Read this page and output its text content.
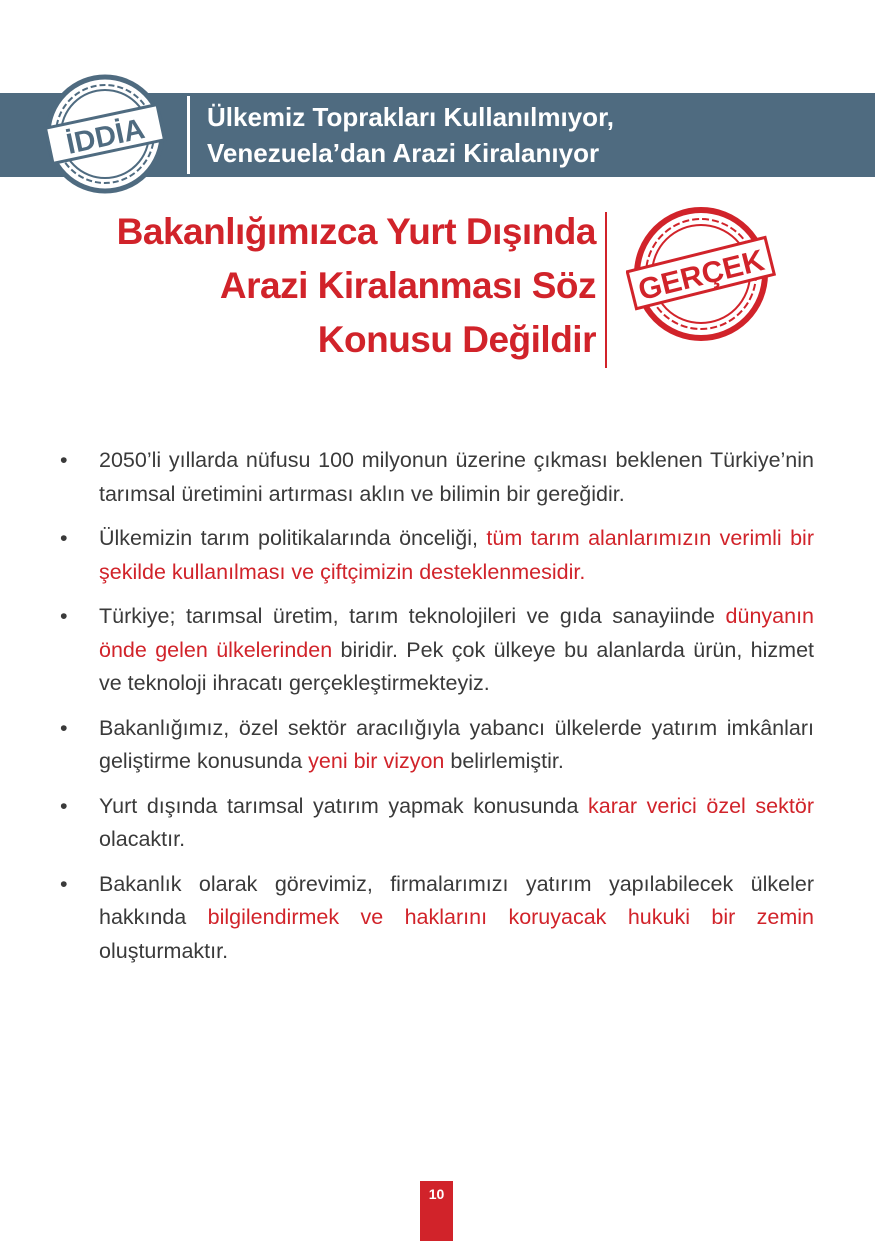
Ülkemiz Toprakları Kullanılmıyor,
Venezuela’dan Arazi Kiralanıyor
İDDİA
Bakanlığımızca Yurt Dışında
Arazi Kiralanması Söz
Konusu Değildir
GERÇEK
•	2050’li yıllarda nüfusu 100 milyonun üzerine çıkması beklenen Türkiye’nin tarımsal üretimini artırması aklın ve bilimin bir gereğidir.
•	Ülkemizin tarım politikalarında önceliği, tüm tarım alanlarımızın verimli bir şekilde kullanılması ve çiftçimizin desteklenmesidir.
•	Türkiye; tarımsal üretim, tarım teknolojileri ve gıda sanayiinde dünyanın önde gelen ülkelerinden biridir. Pek çok ülkeye bu alanlarda ürün, hizmet ve teknoloji ihracatı gerçekleştirmekteyiz.
•	Bakanlığımız, özel sektör aracılığıyla yabancı ülkelerde yatırım imkânları geliştirme konusunda yeni bir vizyon belirlemiştir.
•	Yurt dışında tarımsal yatırım yapmak konusunda karar verici özel sektör olacaktır.
•	Bakanlık olarak görevimiz, firmalarımızı yatırım yapılabilecek ülkeler hakkında bilgilendirmek ve haklarını koruyacak hukuki bir zemin oluşturmaktır.
10
